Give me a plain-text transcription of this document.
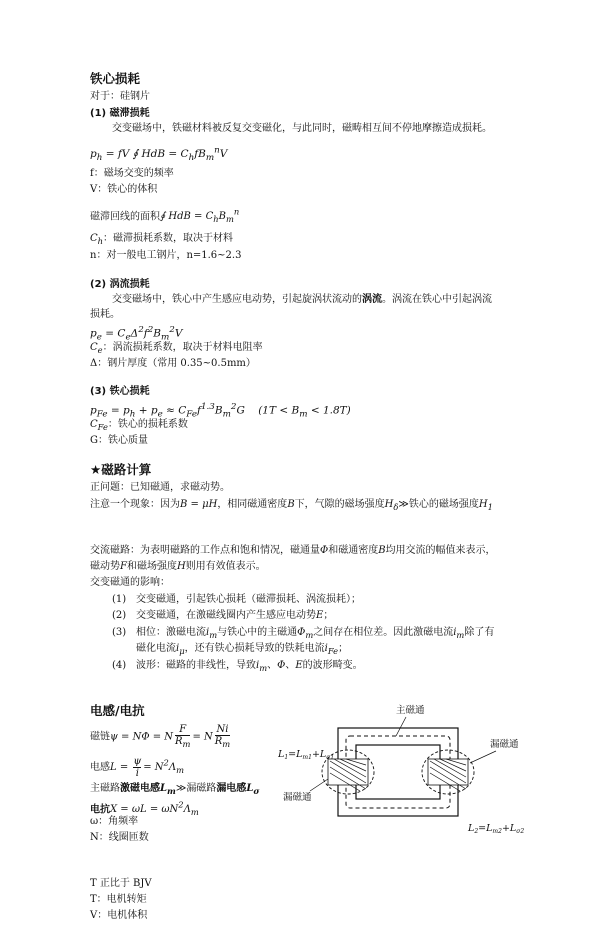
铁心损耗
对于：硅钢片
(1) 磁滞损耗
交变磁场中，铁磁材料被反复交变磁化，与此同时，磁畴相互间不停地摩擦造成损耗。
$p_h$ = fV ∮ HdB = $C_hfB_m^nV$
f：磁场交变的频率
V：铁心的体积
磁滞回线的面积∮ HdB = $C_hB_m^n$
$C_h$：磁滞损耗系数，取决于材料
n：对一般电工钢片，n=1.6~2.3
(2) 涡流损耗
交变磁场中，铁心中产生感应电动势，引起旋涡状流动的涡流。涡流在铁心中引起涡流
损耗。
$p_e = C_e\Delta^2f^2B_m^2V$
$C_e$：涡流损耗系数，取决于材料电阻率
Δ：钢片厚度（常用 0.35~0.5mm）
(3) 铁心损耗
$p_{Fe} = p_h + p_e \approx C_{Fe}f^{1.3}B_m^2G$    $(1T < B_m < 1.8T)$
$C_{Fe}$：铁心的损耗系数
G：铁心质量
★磁路计算
正问题：已知磁通，求磁动势。
注意一个现象：因为B = μH，相同磁通密度B下，气隙的磁场强度$H_\delta≫$铁心的磁场强度$H_1$
交流磁路：为表明磁路的工作点和饱和情况，磁通量Φ和磁通密度B均用交流的幅值来表示，
磁动势F和磁场强度H则用有效值表示。
交变磁通的影响：
(1) 交变磁通，引起铁心损耗（磁滞损耗、涡流损耗）；
(2) 交变磁通，在激磁线圈内产生感应电动势E；
(3) 相位：激磁电流$i_m$与铁心中的主磁通$\Phi_m$之间存在相位差。因此激磁电流$i_m$除了有
磁化电流$i_\mu$，还有铁心损耗导致的铁耗电流$i_{Fe}$；
(4) 波形：磁路的非线性，导致$i_m$、Φ、E的波形畸变。
电感/电抗
磁链ψ = NΦ = N $\frac{F}{R_m} = N \frac{Ni}{R_m}$
电感$L = \frac{\psi}{i} = N^2\Lambda_m$
主磁路激磁电感$L_m≫$漏磁路漏电感$L_\sigma$
电抗$X = \omega L = \omega N^2\Lambda_m$
ω：角频率
N：线圈匝数
主磁通
漏磁通
漏磁通
$L_1=L_{m1}+L_{\sigma 1}$
$L_2=L_{m2}+L_{\sigma 2}$
T 正比于 BJV
T：电机转矩
V：电机体积
